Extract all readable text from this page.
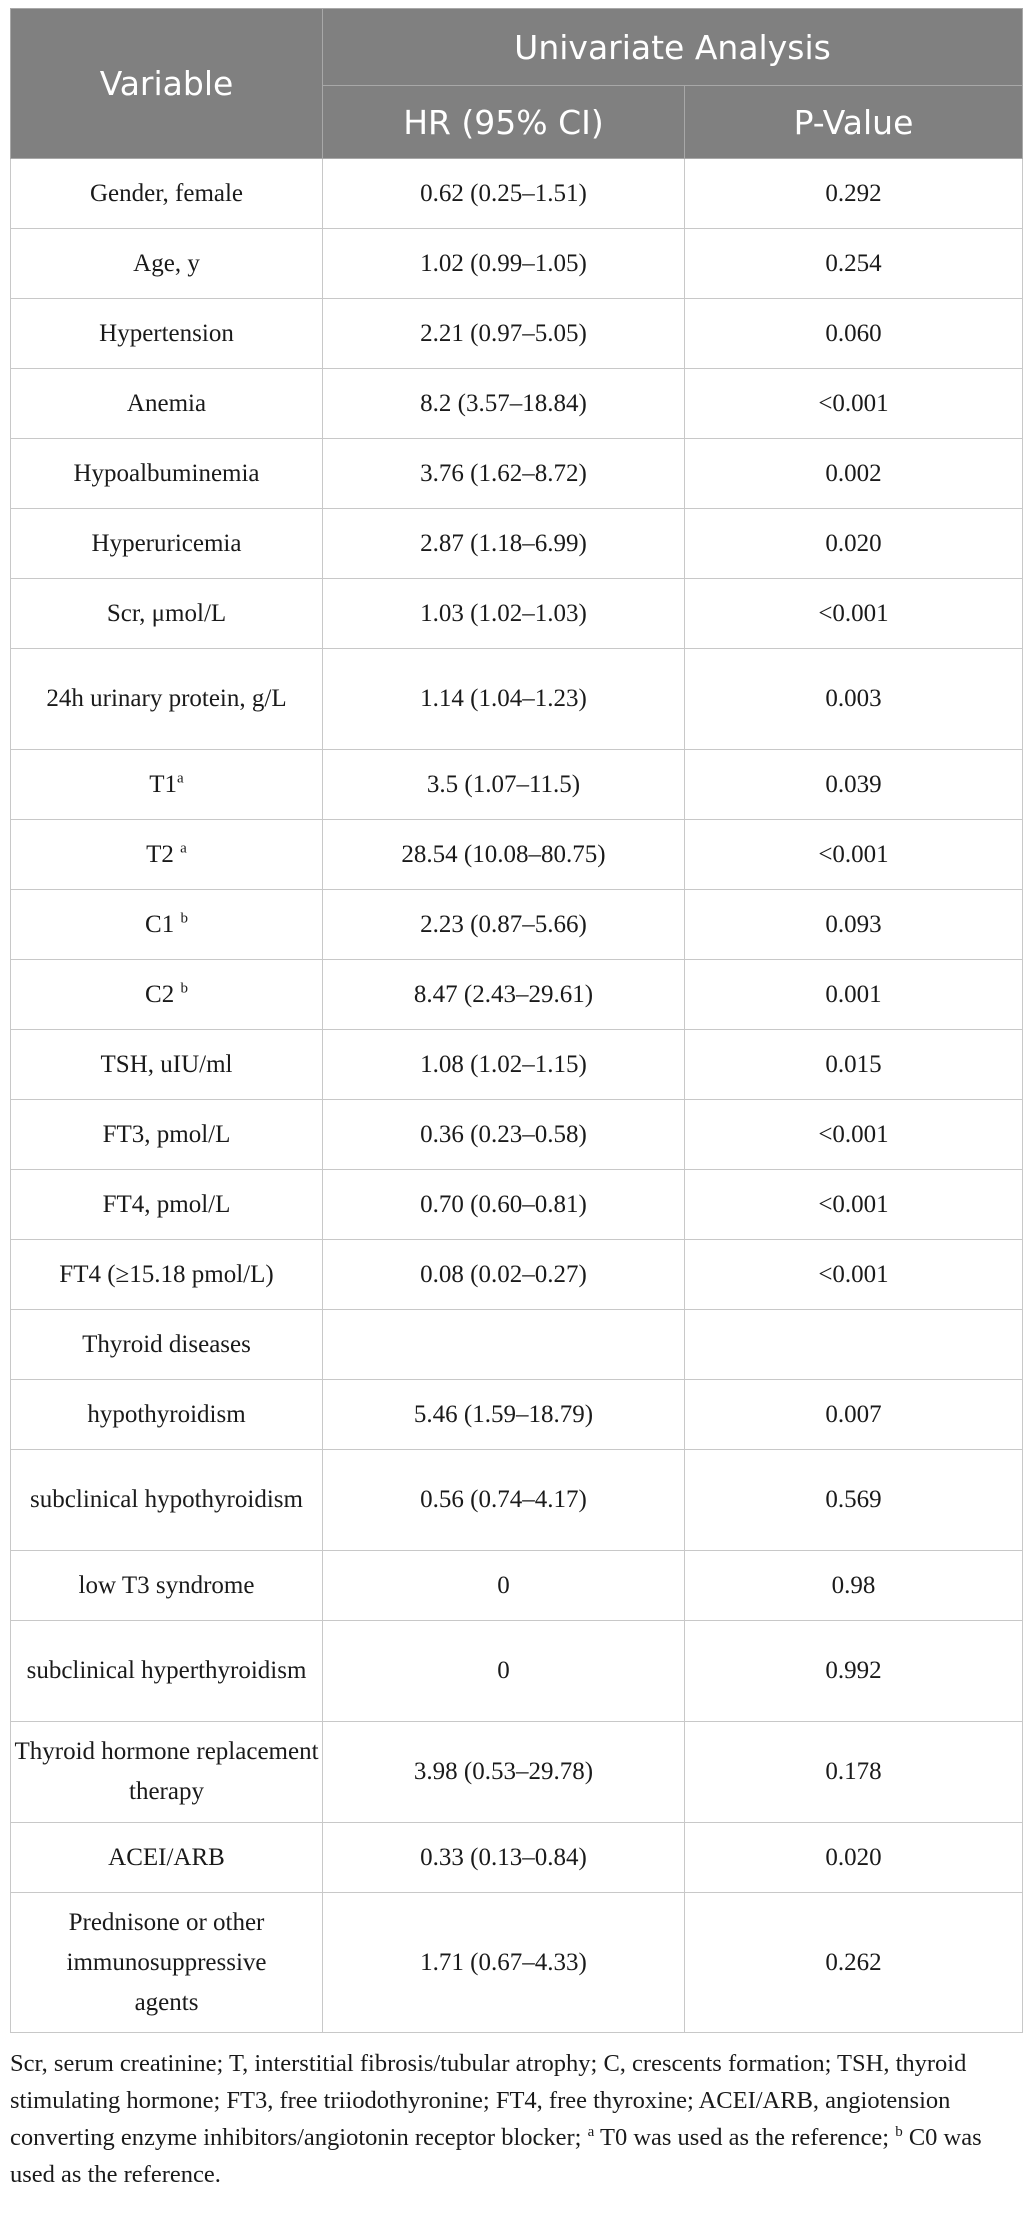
Variable	Univariate Analysis	
	HR (95% CI)	P-Value
Gender, female	0.62 (0.25–1.51)	0.292
Age, y	1.02 (0.99–1.05)	0.254
Hypertension	2.21 (0.97–5.05)	0.060
Anemia	8.2 (3.57–18.84)	<0.001
Hypoalbuminemia	3.76 (1.62–8.72)	0.002
Hyperuricemia	2.87 (1.18–6.99)	0.020
Scr, μmol/L	1.03 (1.02–1.03)	<0.001
24h urinary protein, g/L	1.14 (1.04–1.23)	0.003
T1$^a$	3.5 (1.07–11.5)	0.039
T2 $^a$	28.54 (10.08–80.75)	<0.001
C1 $^b$	2.23 (0.87–5.66)	0.093
C2 $^b$	8.47 (2.43–29.61)	0.001
TSH, uIU/ml	1.08 (1.02–1.15)	0.015
FT3, pmol/L	0.36 (0.23–0.58)	<0.001
FT4, pmol/L	0.70 (0.60–0.81)	<0.001
FT4 (≥15.18 pmol/L)	0.08 (0.02–0.27)	<0.001
Thyroid diseases		
hypothyroidism	5.46 (1.59–18.79)	0.007
subclinical hypothyroidism	0.56 (0.74–4.17)	0.569
low T3 syndrome	0	0.98
subclinical hyperthyroidism	0	0.992
Thyroid hormone replacement therapy	3.98 (0.53–29.78)	0.178
ACEI/ARB	0.33 (0.13–0.84)	0.020
Prednisone or other immunosuppressive agents	1.71 (0.67–4.33)	0.262
Scr, serum creatinine; T, interstitial fibrosis/tubular atrophy; C, crescents formation; TSH, thyroid stimulating hormone; FT3, free triiodothyronine; FT4, free thyroxine; ACEI/ARB, angiotension converting enzyme inhibitors/angiotonin receptor blocker; $^a$ T0 was used as the reference; $^b$ C0 was used as the reference.
